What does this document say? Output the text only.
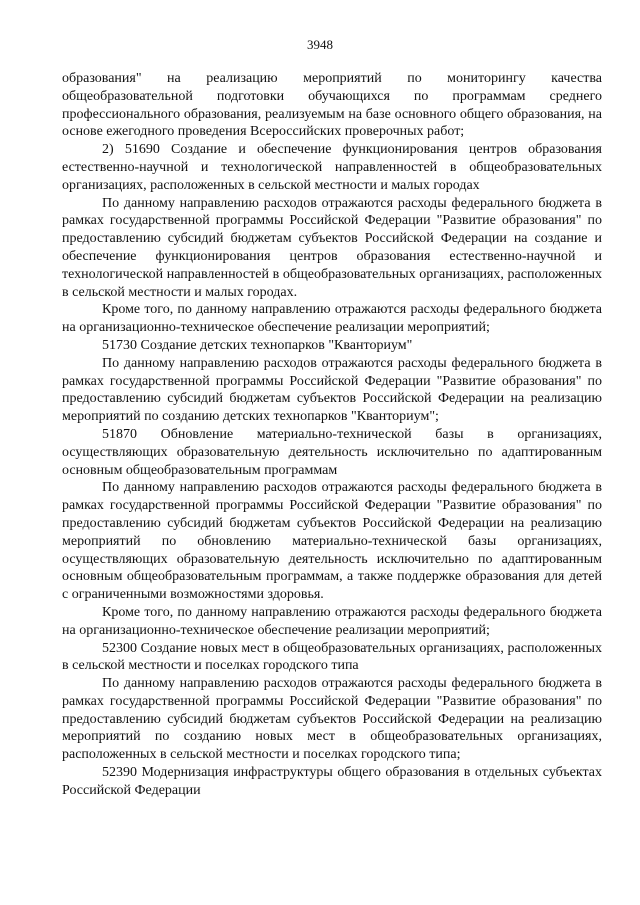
3948

образования" на реализацию мероприятий по мониторингу качества общеобразовательной подготовки обучающихся по программам среднего профессионального образования, реализуемым на базе основного общего образования, на основе ежегодного проведения Всероссийских проверочных работ;

2) 51690 Создание и обеспечение функционирования центров образования естественно-научной и технологической направленностей в общеобразовательных организациях, расположенных в сельской местности и малых городах

По данному направлению расходов отражаются расходы федерального бюджета в рамках государственной программы Российской Федерации "Развитие образования" по предоставлению субсидий бюджетам субъектов Российской Федерации на создание и обеспечение функционирования центров образования естественно-научной и технологической направленностей в общеобразовательных организациях, расположенных в сельской местности и малых городах.

Кроме того, по данному направлению отражаются расходы федерального бюджета на организационно-техническое обеспечение реализации мероприятий;

51730 Создание детских технопарков "Кванториум"

По данному направлению расходов отражаются расходы федерального бюджета в рамках государственной программы Российской Федерации "Развитие образования" по предоставлению субсидий бюджетам субъектов Российской Федерации на реализацию мероприятий по созданию детских технопарков "Кванториум";

51870 Обновление материально-технической базы в организациях, осуществляющих образовательную деятельность исключительно по адаптированным основным общеобразовательным программам

По данному направлению расходов отражаются расходы федерального бюджета в рамках государственной программы Российской Федерации "Развитие образования" по предоставлению субсидий бюджетам субъектов Российской Федерации на реализацию мероприятий по обновлению материально-технической базы организациях, осуществляющих образовательную деятельность исключительно по адаптированным основным общеобразовательным программам, а также поддержке образования для детей с ограниченными возможностями здоровья.

Кроме того, по данному направлению отражаются расходы федерального бюджета на организационно-техническое обеспечение реализации мероприятий;

52300 Создание новых мест в общеобразовательных организациях, расположенных в сельской местности и поселках городского типа

По данному направлению расходов отражаются расходы федерального бюджета в рамках государственной программы Российской Федерации "Развитие образования" по предоставлению субсидий бюджетам субъектов Российской Федерации на реализацию мероприятий по созданию новых мест в общеобразовательных организациях, расположенных в сельской местности и поселках городского типа;

52390 Модернизация инфраструктуры общего образования в отдельных субъектах Российской Федерации
